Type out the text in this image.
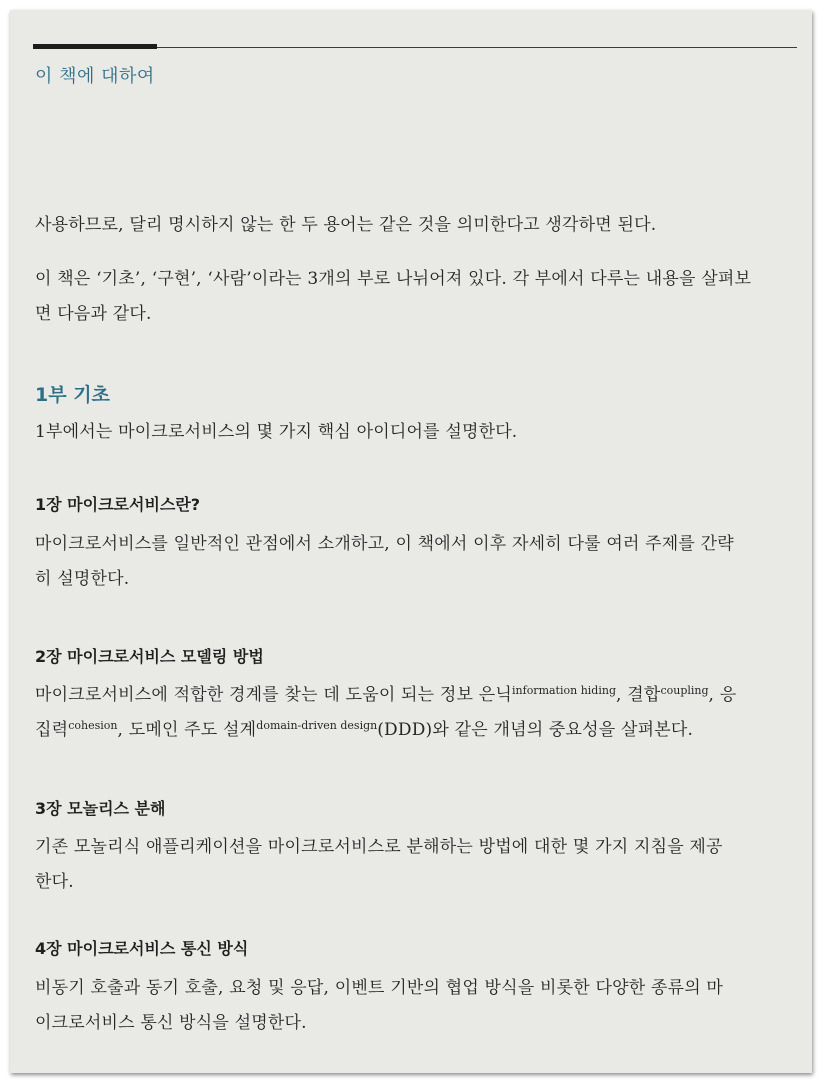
이 책에 대하여
사용하므로, 달리 명시하지 않는 한 두 용어는 같은 것을 의미한다고 생각하면 된다.
이 책은 ‘기초’, ‘구현’, ‘사람’이라는 3개의 부로 나뉘어져 있다. 각 부에서 다루는 내용을 살펴보
면 다음과 같다.
1부 기초
1부에서는 마이크로서비스의 몇 가지 핵심 아이디어를 설명한다.
1장 마이크로서비스란?
마이크로서비스를 일반적인 관점에서 소개하고, 이 책에서 이후 자세히 다룰 여러 주제를 간략
히 설명한다.
2장 마이크로서비스 모델링 방법
마이크로서비스에 적합한 경계를 찾는 데 도움이 되는 정보 은닉$^{information hiding}$, 결합$^{coupling}$, 응
집력$^{cohesion}$, 도메인 주도 설계$^{domain-driven design}$(DDD)와 같은 개념의 중요성을 살펴본다.
3장 모놀리스 분해
기존 모놀리식 애플리케이션을 마이크로서비스로 분해하는 방법에 대한 몇 가지 지침을 제공
한다.
4장 마이크로서비스 통신 방식
비동기 호출과 동기 호출, 요청 및 응답, 이벤트 기반의 협업 방식을 비롯한 다양한 종류의 마
이크로서비스 통신 방식을 설명한다.
